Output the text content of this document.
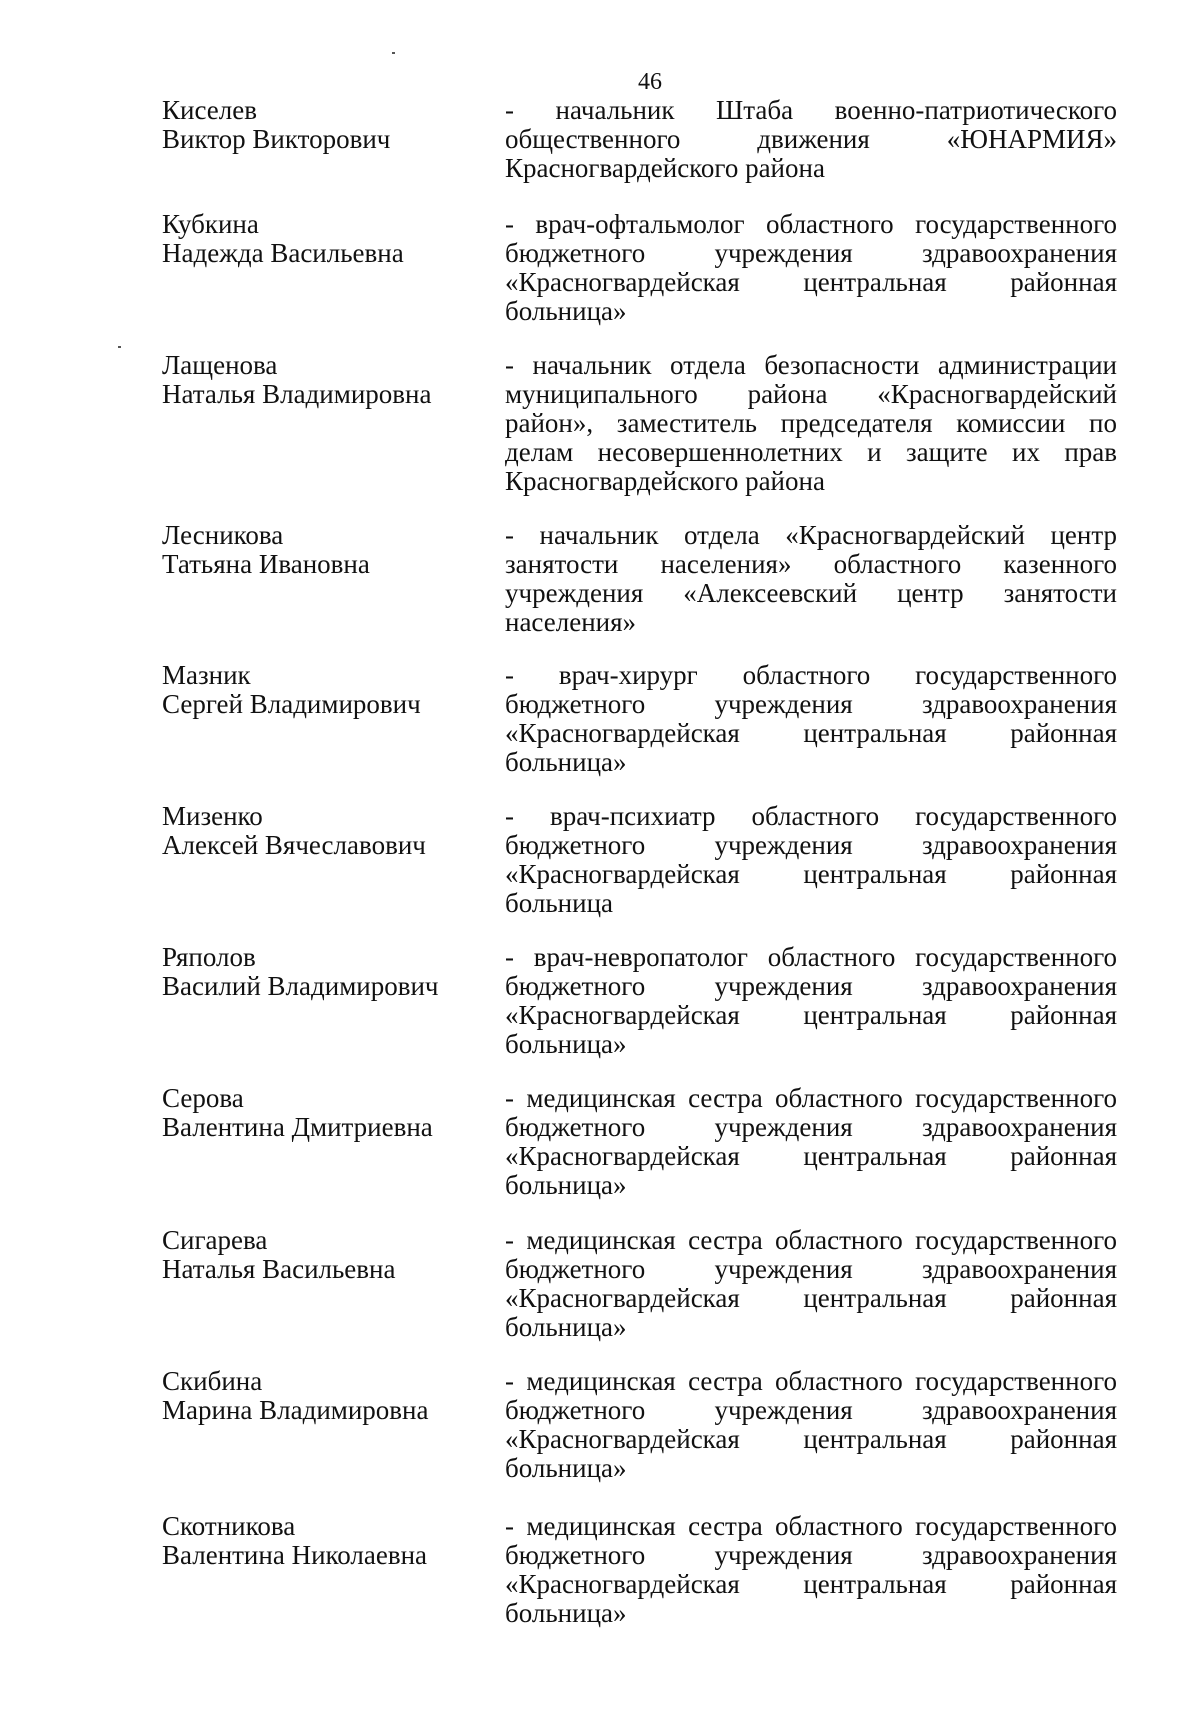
46
Киселев
Виктор Викторович
- начальник Штаба военно-патриотического общественного движения «ЮНАРМИЯ» Красногвардейского района
Кубкина
Надежда Васильевна
- врач-офтальмолог областного государственного бюджетного учреждения здравоохранения «Красногвардейская центральная районная больница»
Лащенова
Наталья Владимировна
- начальник отдела безопасности администрации муниципального района «Красногвардейский район», заместитель председателя комиссии по делам несовершеннолетних и защите их прав Красногвардейского района
Лесникова
Татьяна Ивановна
- начальник отдела «Красногвардейский центр занятости населения» областного казенного учреждения «Алексеевский центр занятости населения»
Мазник
Сергей Владимирович
- врач-хирург областного государственного бюджетного учреждения здравоохранения «Красногвардейская центральная районная больница»
Мизенко
Алексей Вячеславович
- врач-психиатр областного государственного бюджетного учреждения здравоохранения «Красногвардейская центральная районная больница
Ряполов
Василий Владимирович
- врач-невропатолог областного государственного бюджетного учреждения здравоохранения «Красногвардейская центральная районная больница»
Серова
Валентина Дмитриевна
- медицинская сестра областного государственного бюджетного учреждения здравоохранения «Красногвардейская центральная районная больница»
Сигарева
Наталья Васильевна
- медицинская сестра областного государственного бюджетного учреждения здравоохранения «Красногвардейская центральная районная больница»
Скибина
Марина Владимировна
- медицинская сестра областного государственного бюджетного учреждения здравоохранения «Красногвардейская центральная районная больница»
Скотникова
Валентина Николаевна
- медицинская сестра областного государственного бюджетного учреждения здравоохранения «Красногвардейская центральная районная больница»
